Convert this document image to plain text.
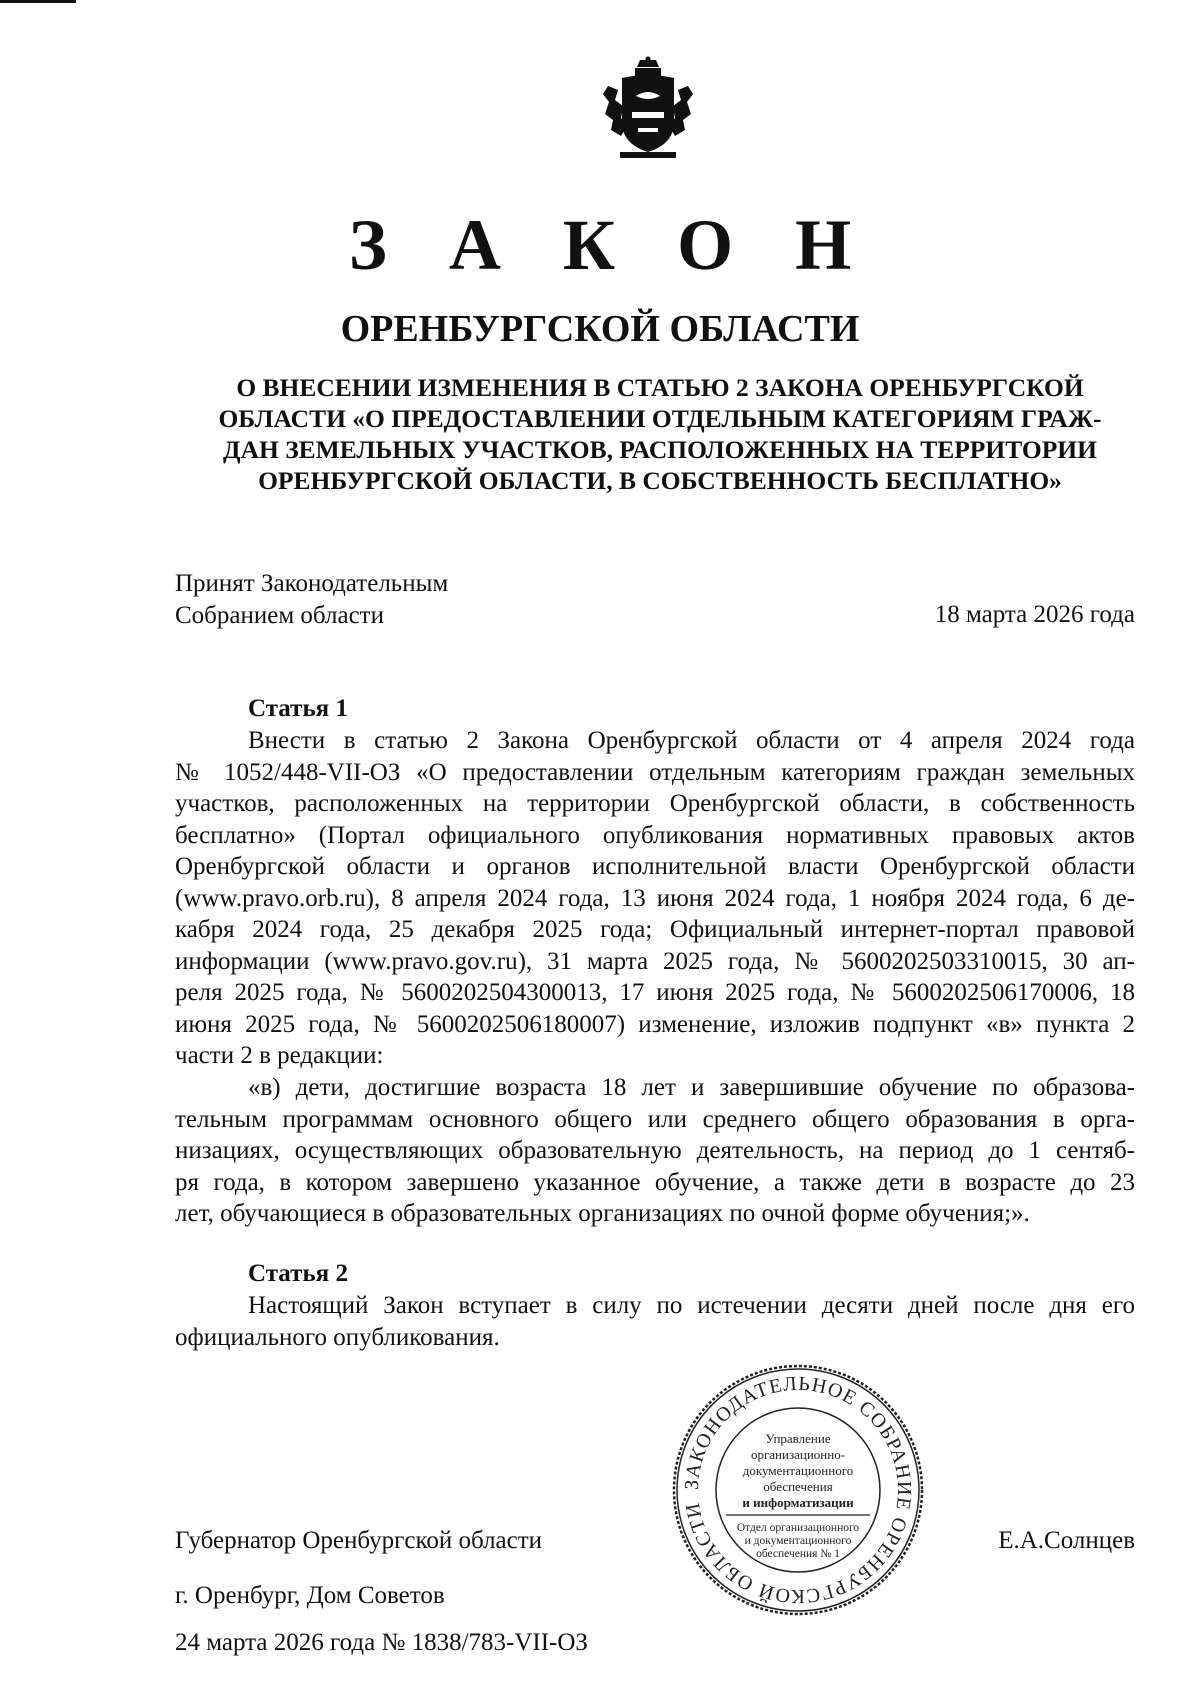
З А К О Н
ОРЕНБУРГСКОЙ ОБЛАСТИ
О ВНЕСЕНИИ ИЗМЕНЕНИЯ В СТАТЬЮ 2 ЗАКОНА ОРЕНБУРГСКОЙ
ОБЛАСТИ «О ПРЕДОСТАВЛЕНИИ ОТДЕЛЬНЫМ КАТЕГОРИЯМ ГРАЖ-
ДАН ЗЕМЕЛЬНЫХ УЧАСТКОВ, РАСПОЛОЖЕННЫХ НА ТЕРРИТОРИИ
ОРЕНБУРГСКОЙ ОБЛАСТИ, В СОБСТВЕННОСТЬ БЕСПЛАТНО»
Принят Законодательным
Собранием области	18 марта 2026 года
Статья 1
Внести в статью 2 Закона Оренбургской области от 4 апреля 2024 года
№ 1052/448-VII-ОЗ «О предоставлении отдельным категориям граждан земельных
участков, расположенных на территории Оренбургской области, в собственность
бесплатно» (Портал официального опубликования нормативных правовых актов
Оренбургской области и органов исполнительной власти Оренбургской области
(www.pravo.orb.ru), 8 апреля 2024 года, 13 июня 2024 года, 1 ноября 2024 года, 6 де-
кабря 2024 года, 25 декабря 2025 года; Официальный интернет-портал правовой
информации (www.pravo.gov.ru), 31 марта 2025 года, № 5600202503310015, 30 ап-
реля 2025 года, № 5600202504300013, 17 июня 2025 года, № 5600202506170006, 18
июня 2025 года, № 5600202506180007) изменение, изложив подпункт «в» пункта 2
части 2 в редакции:
«в) дети, достигшие возраста 18 лет и завершившие обучение по образова-
тельным программам основного общего или среднего общего образования в орга-
низациях, осуществляющих образовательную деятельность, на период до 1 сентяб-
ря года, в котором завершено указанное обучение, а также дети в возрасте до 23
лет, обучающиеся в образовательных организациях по очной форме обучения;».
Статья 2
Настоящий Закон вступает в силу по истечении десяти дней после дня его
официального опубликования.
ЗАКОНОДАТЕЛЬНОЕ СОБРАНИЕ ОРЕНБУРГСКОЙ ОБЛАСТИ
Управление
организационно-
документационного
обеспечения
и информатизации
Отдел организационного
и документационного
обеспечения № 1
Губернатор Оренбургской области	Е.А.Солнцев
г. Оренбург, Дом Советов
24 марта 2026 года № 1838/783-VII-ОЗ
